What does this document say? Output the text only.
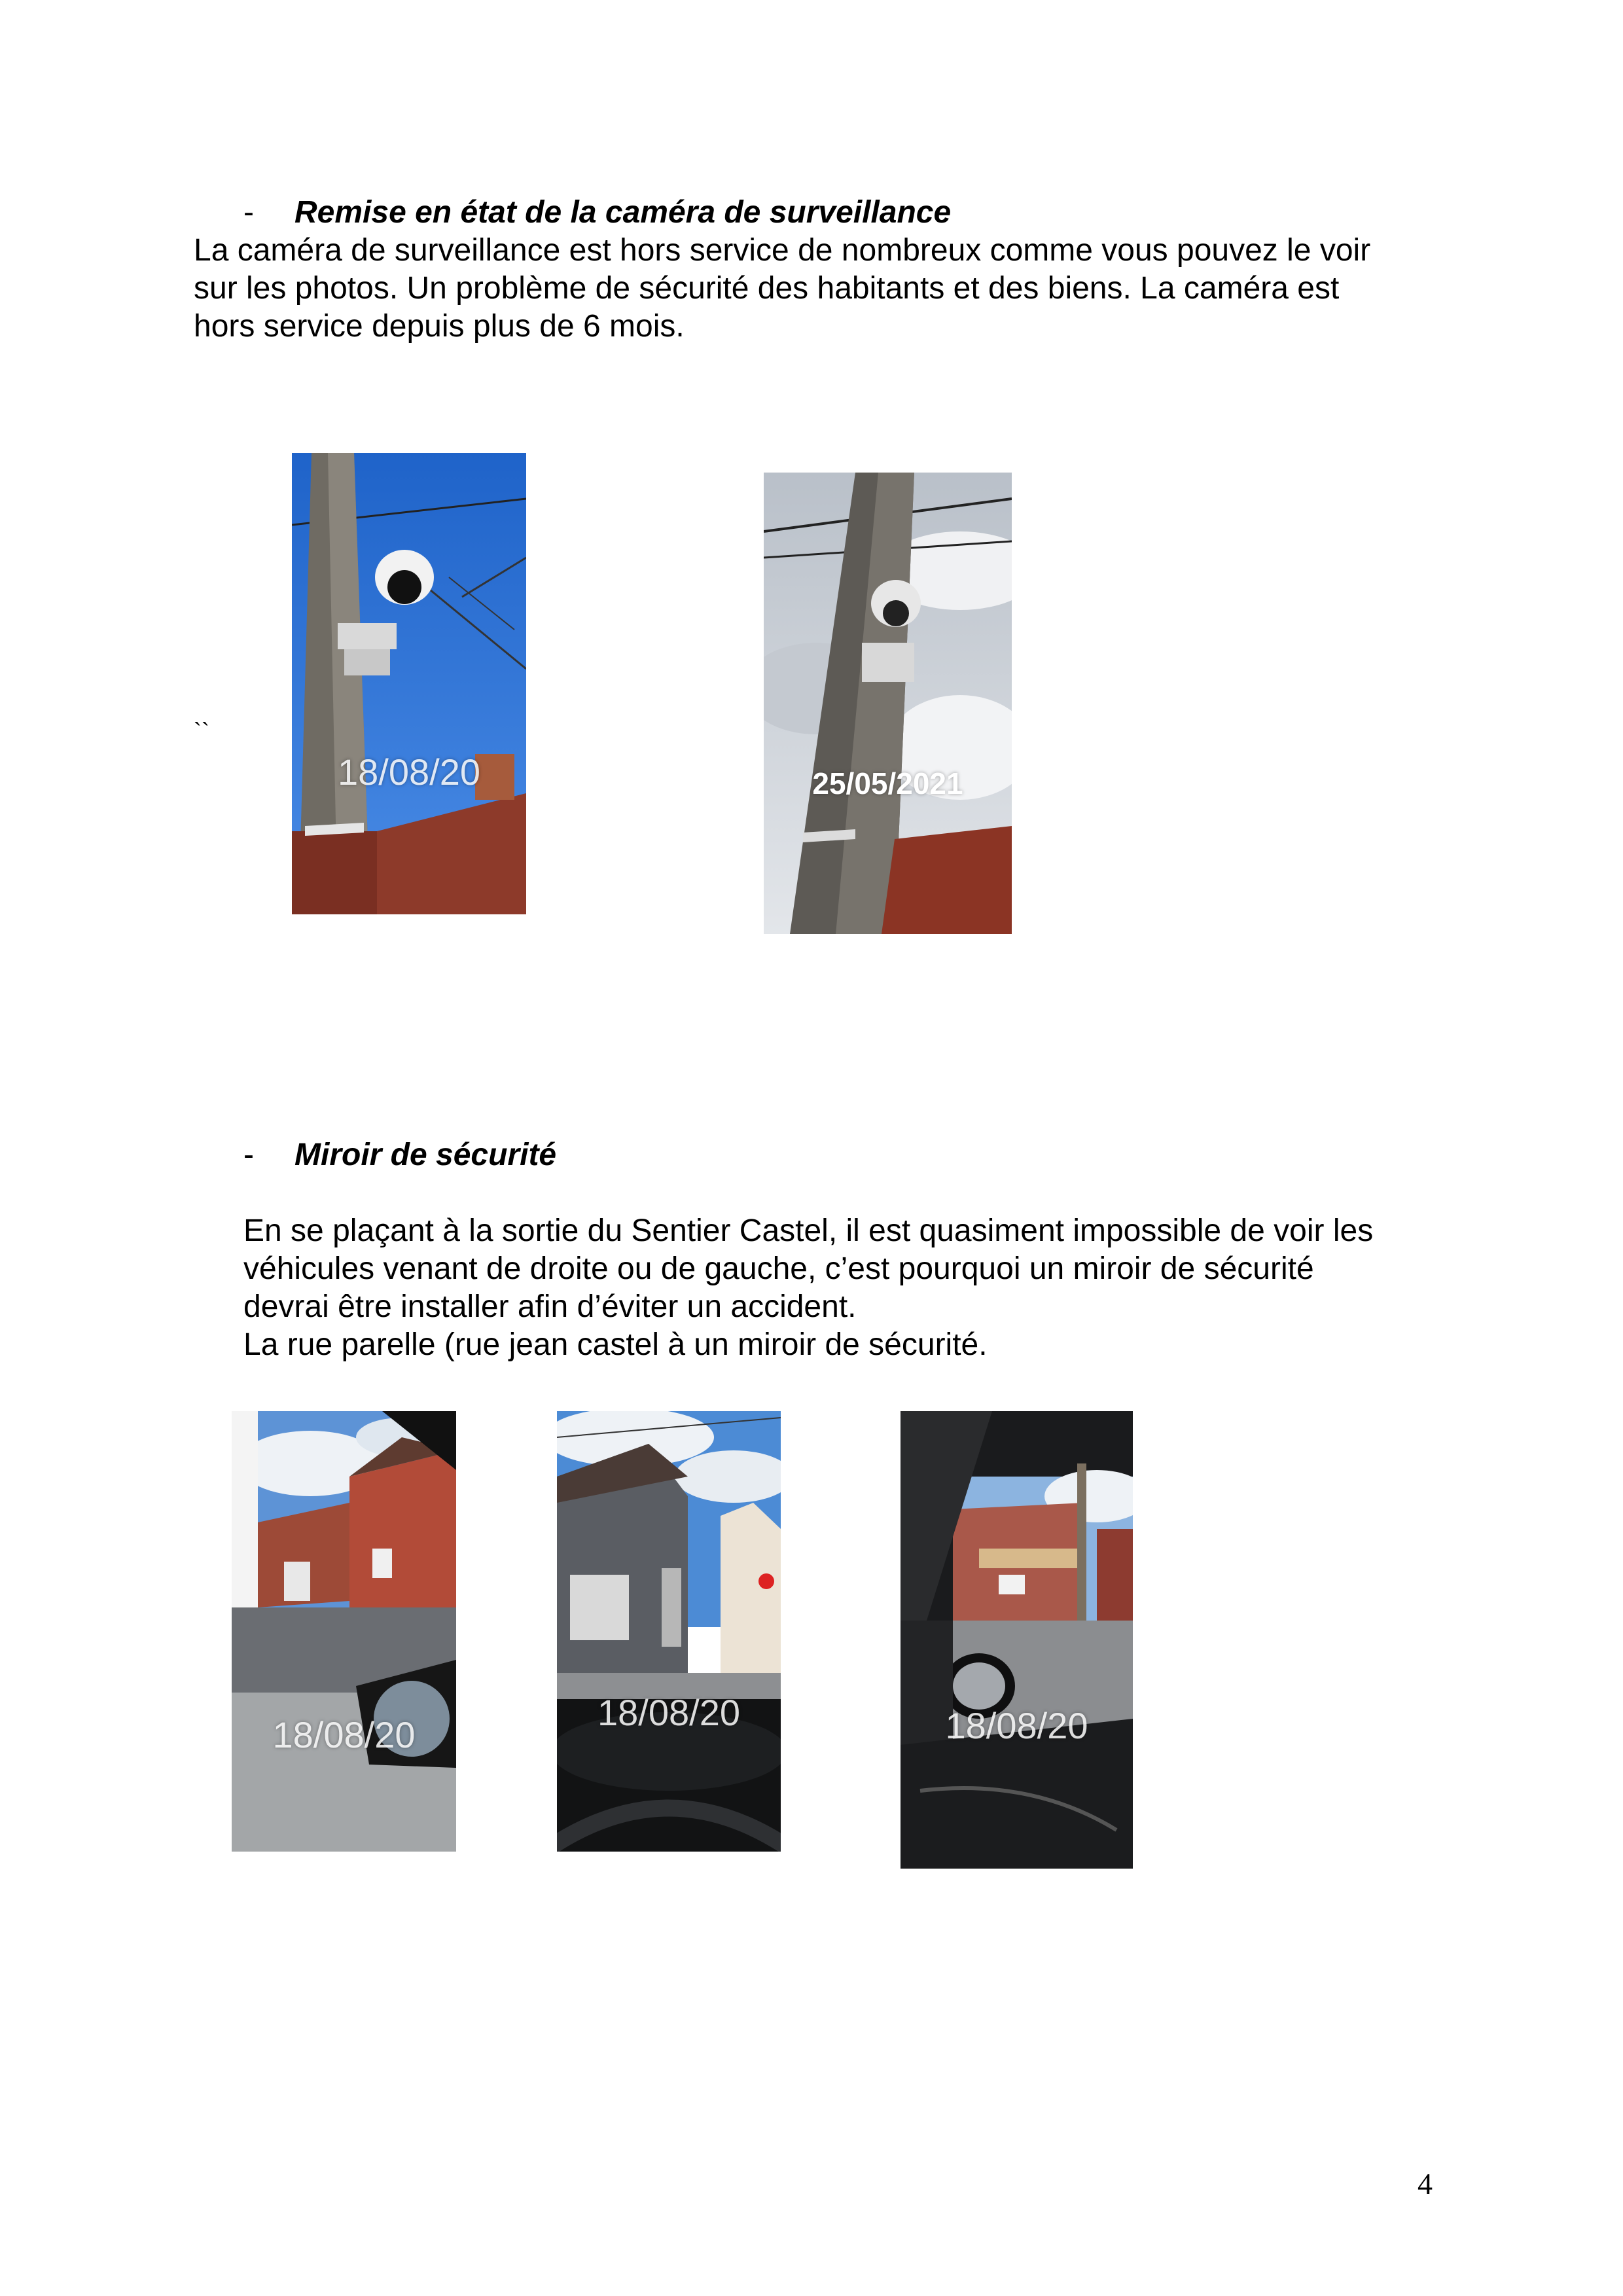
- Remise en état de la caméra de surveillance
La caméra de surveillance est hors service de nombreux comme vous pouvez le voir
sur les photos. Un problème de sécurité des habitants et des biens. La caméra est
hors service depuis plus de 6 mois.
``
18/08/20	25/05/2021
- Miroir de sécurité
En se plaçant à la sortie du Sentier Castel, il est quasiment impossible de voir les
véhicules venant de droite ou de gauche, c’est pourquoi un miroir de sécurité
devrai être installer afin d’éviter un accident.
La rue parelle (rue jean castel à un miroir de sécurité.
18/08/20
18/08/20	18/08/20
4
